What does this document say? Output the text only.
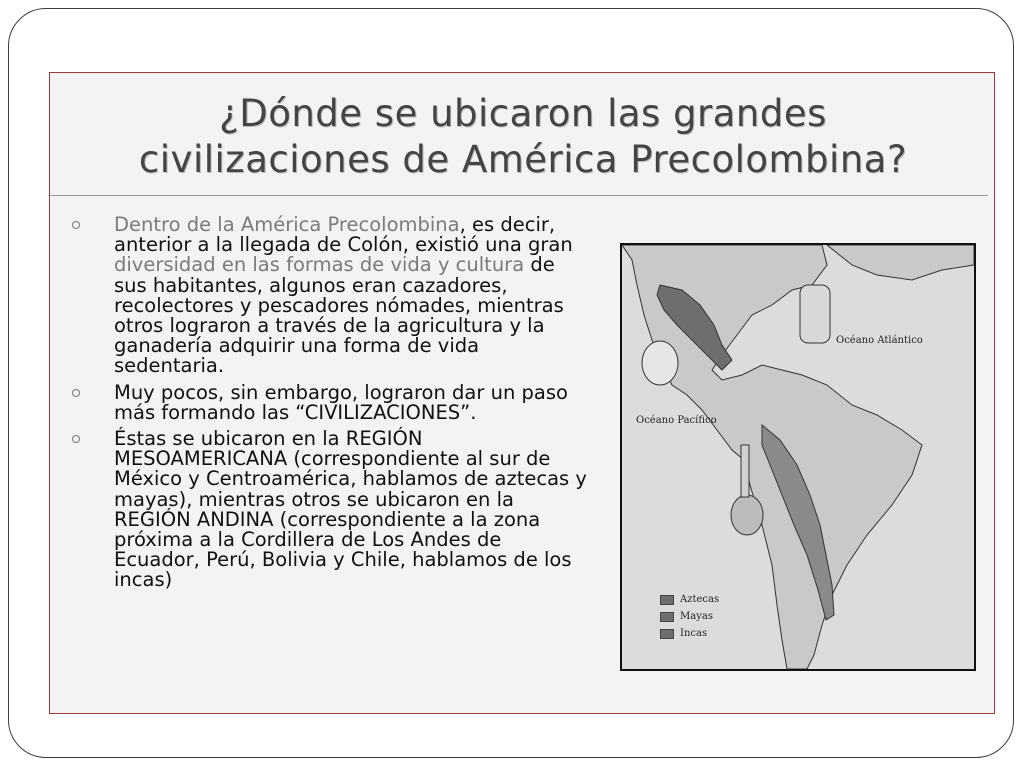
¿Dónde se ubicaron las grandes
civilizaciones de América Precolombina?
Dentro de la América Precolombina, es decir, anterior a la llegada de Colón, existió una gran diversidad en las formas de vida y cultura de sus habitantes, algunos eran cazadores, recolectores y pescadores nómades, mientras otros lograron a través de la agricultura y la ganadería adquirir una forma de vida sedentaria.
Muy pocos, sin embargo, lograron dar un paso más formando las “CIVILIZACIONES”.
Éstas se ubicaron en la REGIÓN MESOAMERICANA (correspondiente al sur de México y Centroamérica, hablamos de aztecas y mayas), mientras otros se ubicaron en la REGIÓN ANDINA (correspondiente a la zona próxima a la Cordillera de Los Andes de Ecuador, Perú, Bolivia y Chile, hablamos de los incas)
Océano Atlántico
Océano Pacífico
Aztecas
Mayas
Incas
